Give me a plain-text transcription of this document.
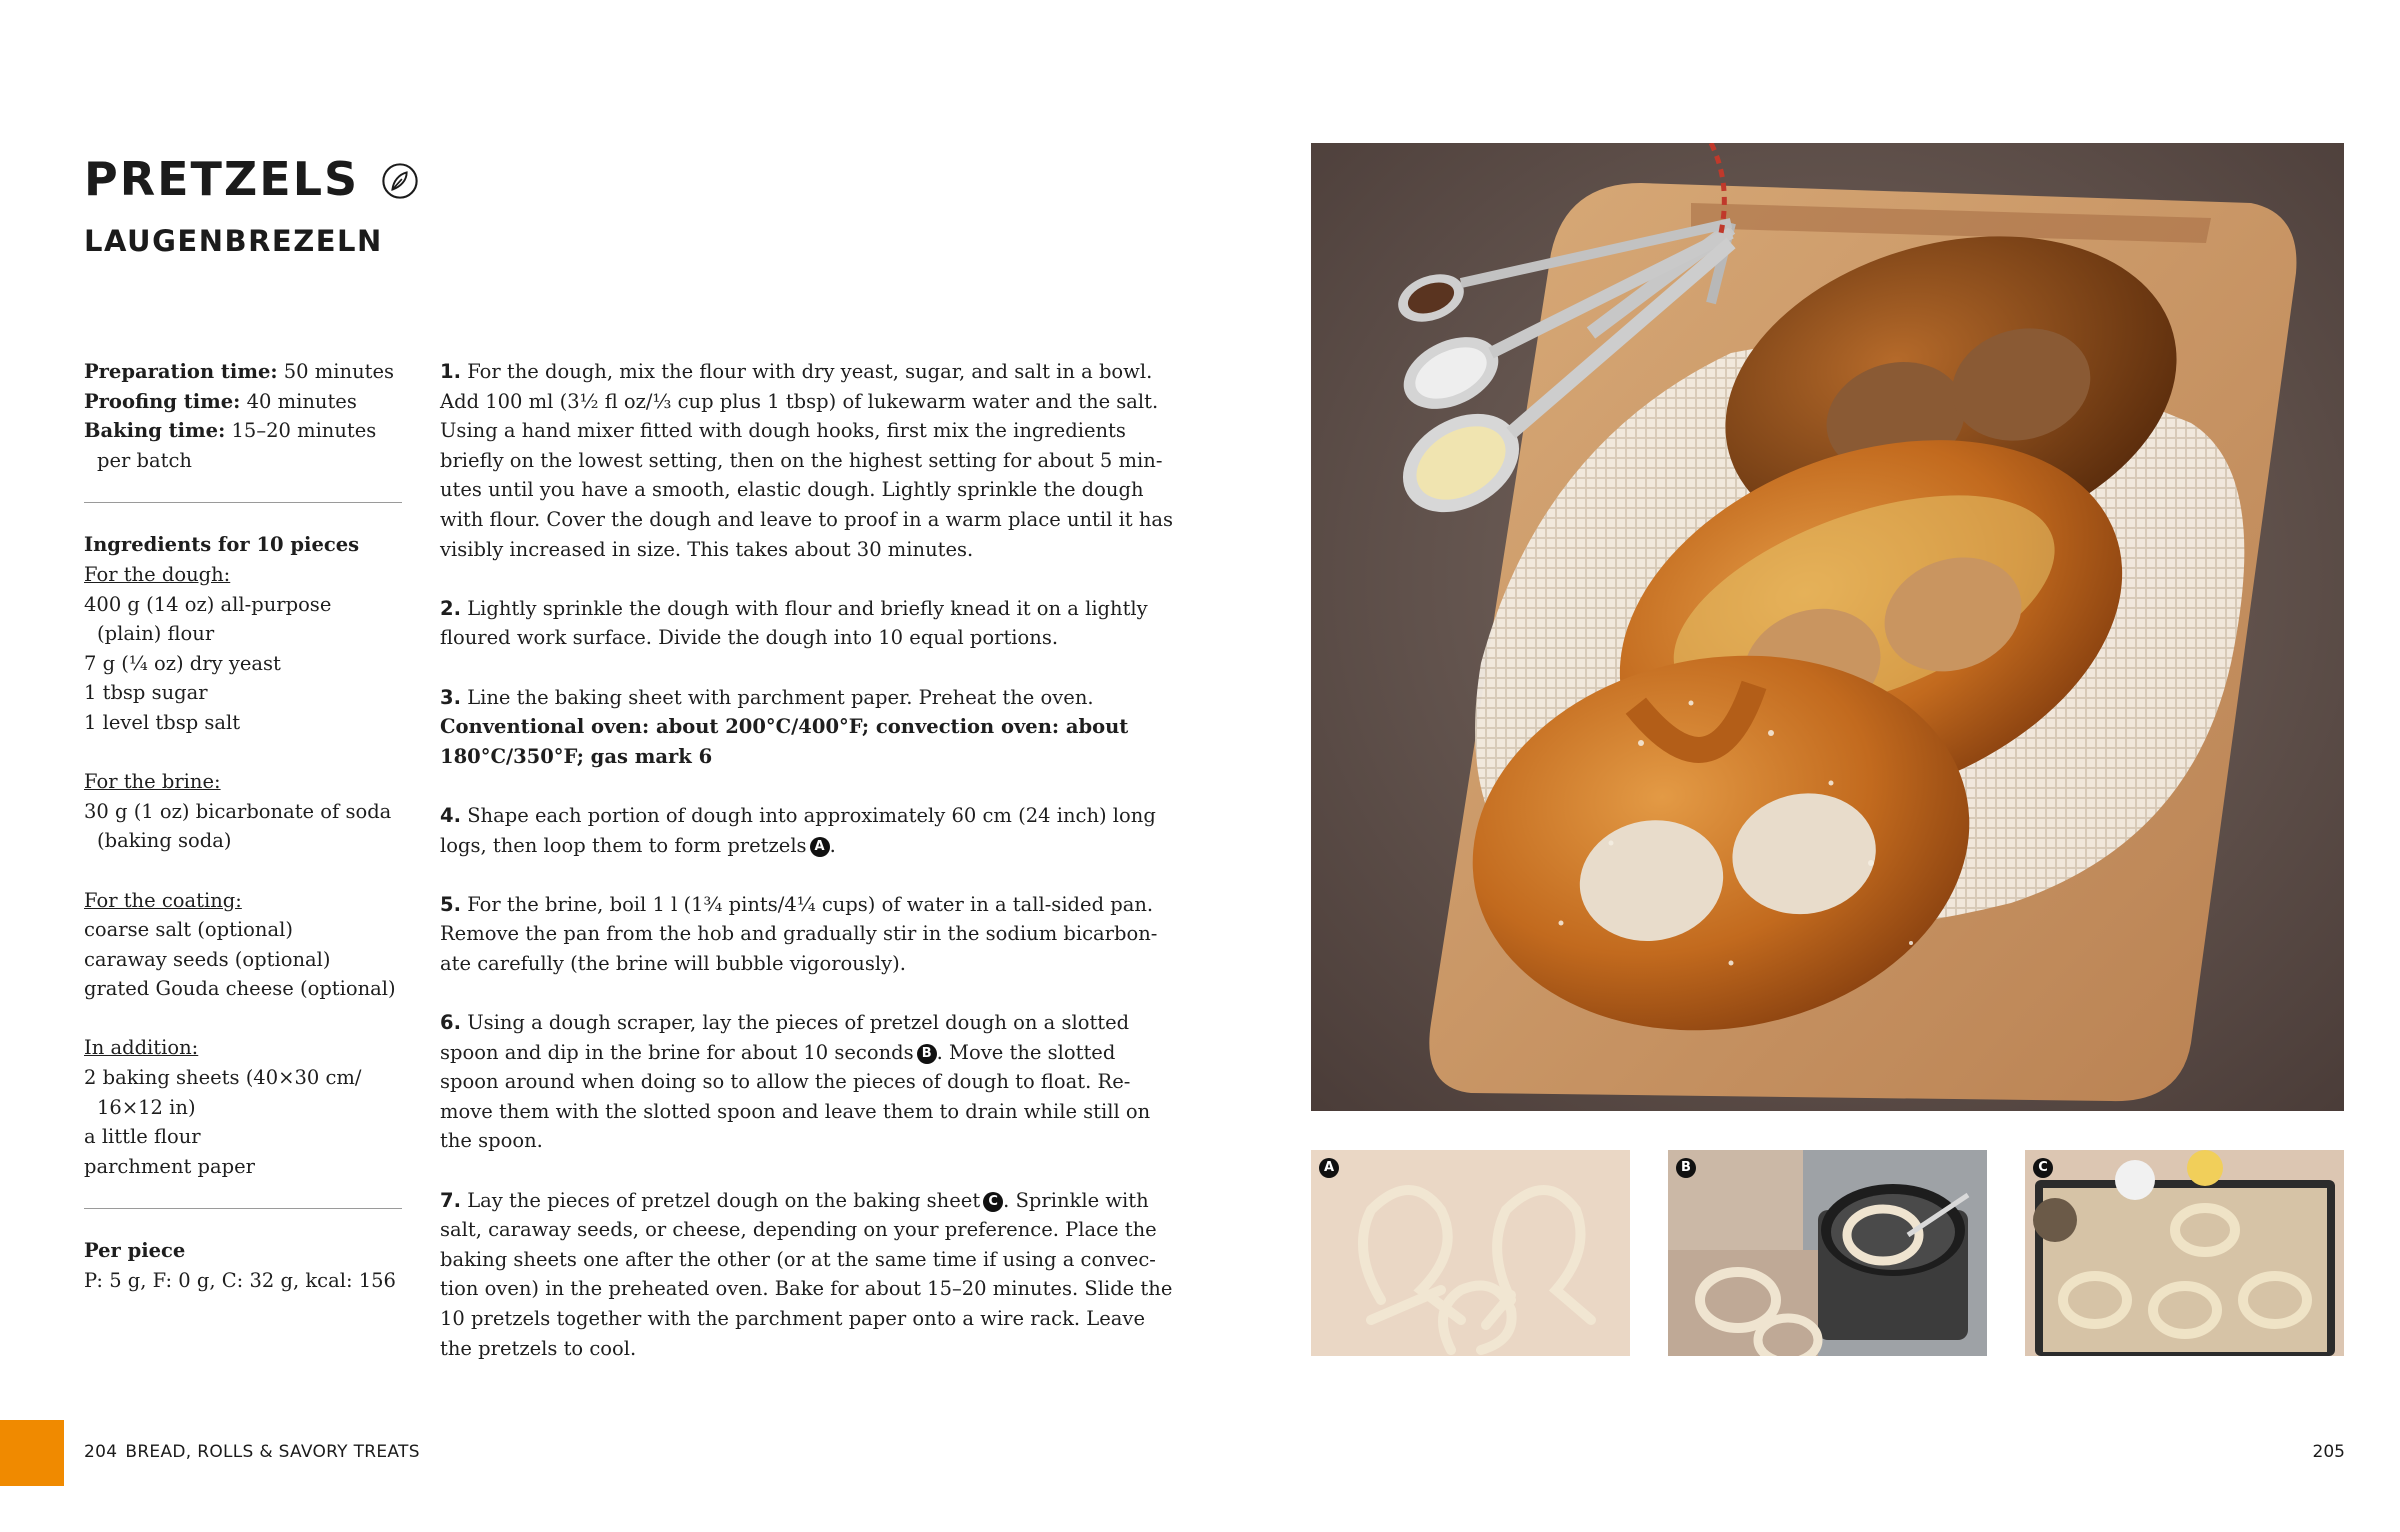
PRETZELS
LAUGENBREZELN
Preparation time: 50 minutes
Proofing time: 40 minutes
Baking time: 15–20 minutes
per batch
Ingredients for 10 pieces
For the dough:
400 g (14 oz) all-purpose
(plain) flour
7 g (¼ oz) dry yeast
1 tbsp sugar
1 level tbsp salt
For the brine:
30 g (1 oz) bicarbonate of soda
(baking soda)
For the coating:
coarse salt (optional)
caraway seeds (optional)
grated Gouda cheese (optional)
In addition:
2 baking sheets (40×30 cm/
16×12 in)
a little flour
parchment paper
Per piece
P: 5 g, F: 0 g, C: 32 g, kcal: 156
1. For the dough, mix the flour with dry yeast, sugar, and salt in a bowl.
Add 100 ml (3½ fl oz/⅓ cup plus 1 tbsp) of lukewarm water and the salt.
Using a hand mixer fitted with dough hooks, first mix the ingredients
briefly on the lowest setting, then on the highest setting for about 5 min-
utes until you have a smooth, elastic dough. Lightly sprinkle the dough
with flour. Cover the dough and leave to proof in a warm place until it has
visibly increased in size. This takes about 30 minutes.
2. Lightly sprinkle the dough with flour and briefly knead it on a lightly
floured work surface. Divide the dough into 10 equal portions.
3. Line the baking sheet with parchment paper. Preheat the oven.
Conventional oven: about 200°C/400°F; convection oven: about
180°C/350°F; gas mark 6
4. Shape each portion of dough into approximately 60 cm (24 inch) long
logs, then loop them to form pretzels A .
5. For the brine, boil 1 l (1¾ pints/4¼ cups) of water in a tall-sided pan.
Remove the pan from the hob and gradually stir in the sodium bicarbon-
ate carefully (the brine will bubble vigorously).
6. Using a dough scraper, lay the pieces of pretzel dough on a slotted
spoon and dip in the brine for about 10 seconds B . Move the slotted
spoon around when doing so to allow the pieces of dough to float. Re-
move them with the slotted spoon and leave them to drain while still on
the spoon.
7. Lay the pieces of pretzel dough on the baking sheet C . Sprinkle with
salt, caraway seeds, or cheese, depending on your preference. Place the
baking sheets one after the other (or at the same time if using a convec-
tion oven) in the preheated oven. Bake for about 15–20 minutes. Slide the
10 pretzels together with the parchment paper onto a wire rack. Leave
the pretzels to cool.
A	B	C
204 BREAD, ROLLS & SAVORY TREATS	205
